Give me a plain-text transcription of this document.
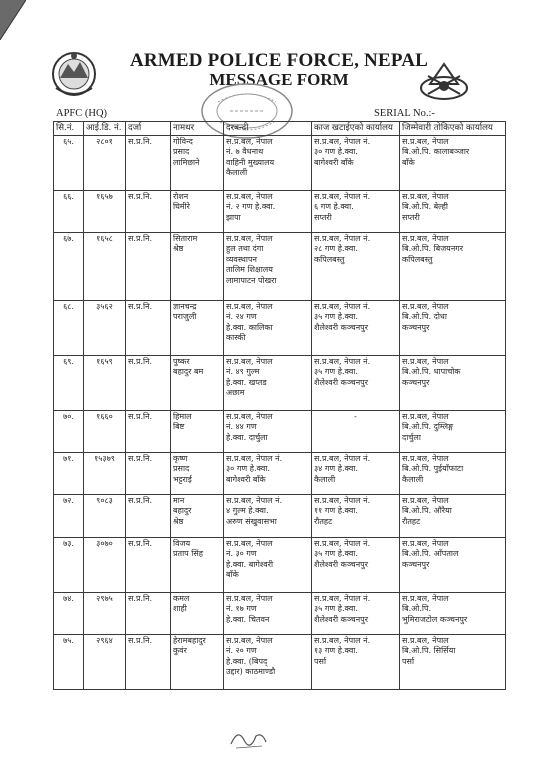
ARMED POLICE FORCE, NEPAL
MESSAGE FORM
APFC (HQ)	SERIAL No.:-
सि.नं.	आई.डि. नं.	दर्जा	नामथर	दरबन्दी	काज खटाईएको कार्यालय	जिम्मेवारी तोकिएको कार्यालय
६५.	२८०१	स.प्र.नि.	गोविन्द
प्रसाद
लामिछाने	स.प्र.बल, नेपाल
नं. ७ वैधनाथ
वाहिनी मुख्यालय
कैलाली	स.प्र.बल, नेपाल नं.
३० गण हे.क्वा.
बागेश्वरी बाँके	स.प्र.बल, नेपाल
बि.ओ.पि. कालाबञ्जार
बाँके
६६.	१६५७	स.प्र.नि.	रोशन
घिमीरे	स.प्र.बल, नेपाल
नं. २ गण हे.क्वा.
झापा	स.प्र.बल, नेपाल नं.
६ गण हे.क्वा.
सप्तरी	स.प्र.बल, नेपाल
बि.ओ.पि. बेल्ही
सप्तरी
६७.	१६५८	स.प्र.नि.	सिताराम
श्रेष्ठ	स.प्र.बल, नेपाल
हुल तथा दंगा
व्यवस्थापन
तालिम शिक्षालय
लामापाटन पोखरा	स.प्र.बल, नेपाल नं.
२८ गण हे.क्वा.
कपिलबस्तु	स.प्र.बल, नेपाल
बि.ओ.पि. बिजयनगर
कपिलबस्तु
६८.	३५६२	स.प्र.नि.	ज्ञानचन्द्र
पराजुली	स.प्र.बल, नेपाल
नं. २४ गण
हे.क्वा. कालिका
कास्की	स.प्र.बल, नेपाल नं.
३५ गण हे.क्वा.
शैलेश्वरी कञ्चनपुर	स.प्र.बल, नेपाल
बि.ओ.पि. दोधा
कञ्चनपुर
६९.	१६५९	स.प्र.नि.	पुष्कर
बहादुर बम	स.प्र.बल, नेपाल
नं. ४९ गुल्म
हे.क्वा. खप्तड
अछाम	स.प्र.बल, नेपाल नं.
३५ गण हे.क्वा.
शैलेश्वरी कञ्चनपुर	स.प्र.बल, नेपाल
बि.ओ.पि. धापाचोक
कञ्चनपुर
७०.	१६६०	स.प्र.नि.	हिमाल
बिष्ट	स.प्र.बल, नेपाल
नं. ४४ गण
हे.क्वा. दार्चुला	-	स.प्र.बल, नेपाल
बि.ओ.पि. दुम्लिङ्ग
दार्चुला
७१.	१५३७९	स.प्र.नि.	कृष्ण
प्रसाद
भट्टराई	स.प्र.बल, नेपाल नं.
३० गण हे.क्वा.
बागेश्वरी बाँके	स.प्र.बल, नेपाल नं.
३४ गण हे.क्वा.
कैलाली	स.प्र.बल, नेपाल
बि.ओ.पि. पुईयाँफाटा
कैलाली
७२.	९०८३	स.प्र.नि.	मान
बहादुर
श्रेष्ठ	स.प्र.बल, नेपाल नं.
४ गुल्म हे.क्वा.
अरुण संखुवासभा	स.प्र.बल, नेपाल नं.
११ गण हे.क्वा.
रौतहट	स.प्र.बल, नेपाल
बि.ओ.पि. औरैया
रौतहट
७३.	३०७०	स.प्र.नि.	विजय
प्रताप सिंह	स.प्र.बल, नेपाल
नं. ३० गण
हे.क्वा. बागेश्वरी
बाँके	स.प्र.बल, नेपाल नं.
३५ गण हे.क्वा.
शैलेश्वरी कञ्चनपुर	स.प्र.बल, नेपाल
बि.ओ.पि. आँपताल
कञ्चनपुर
७४.	२९७५	स.प्र.नि.	कमल
शाही	स.प्र.बल, नेपाल
नं. १७ गण
हे.क्वा. चितवन	स.प्र.बल, नेपाल नं.
३५ गण हे.क्वा.
शैलेश्वरी कञ्चनपुर	स.प्र.बल, नेपाल
बि.ओ.पि.
भुमिराजटोल कञ्चनपुर
७५.	२९६४	स.प्र.नि.	हेरामबहादुर
कुवंर	स.प्र.बल, नेपाल
नं. २० गण
हे.क्वा. (बिपद्
उद्दार) काठमाण्डौ	स.प्र.बल, नेपाल नं.
१३ गण हे.क्वा.
पर्सा	स.प्र.बल, नेपाल
बि.ओ.पि. सिर्सिया
पर्सा
